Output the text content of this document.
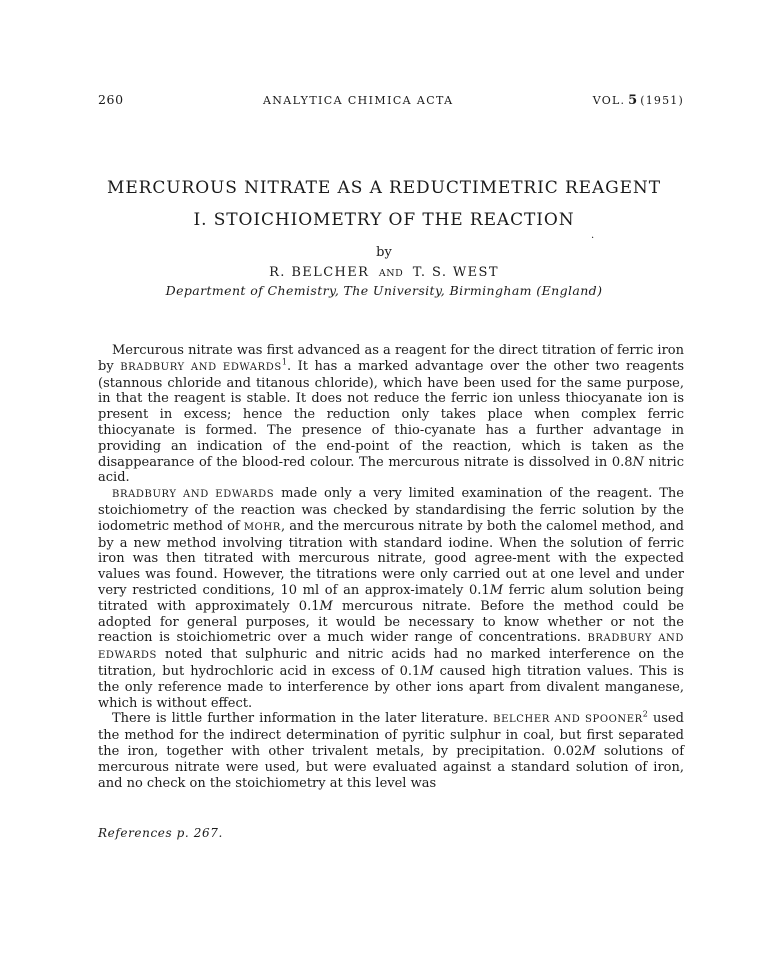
260	ANALYTICA CHIMICA ACTA	VOL. 5 (1951)
MERCUROUS NITRATE AS A REDUCTIMETRIC REAGENT
I. STOICHIOMETRY OF THE REACTION
.
by
R. BELCHER AND T. S. WEST
Department of Chemistry, The University, Birmingham (England)

Mercurous nitrate was first advanced as a reagent for the direct titration of ferric iron by BRADBURY AND EDWARDS$^1$. It has a marked advantage over the other two reagents (stannous chloride and titanous chloride), which have been used for the same purpose, in that the reagent is stable. It does not reduce the ferric ion unless thiocyanate ion is present in excess; hence the reduction only takes place when complex ferric thiocyanate is formed. The presence of thio-cyanate has a further advantage in providing an indication of the end-point of the reaction, which is taken as the disappearance of the blood-red colour. The mercurous nitrate is dissolved in 0.8N nitric acid.

BRADBURY AND EDWARDS made only a very limited examination of the reagent. The stoichiometry of the reaction was checked by standardising the ferric solution by the iodometric method of MOHR, and the mercurous nitrate by both the calomel method, and by a new method involving titration with standard iodine. When the solution of ferric iron was then titrated with mercurous nitrate, good agree-ment with the expected values was found. However, the titrations were only carried out at one level and under very restricted conditions, 10 ml of an approx-imately 0.1M ferric alum solution being titrated with approximately 0.1M mercurous nitrate. Before the method could be adopted for general purposes, it would be necessary to know whether or not the reaction is stoichiometric over a much wider range of concentrations. BRADBURY AND EDWARDS noted that sulphuric and nitric acids had no marked interference on the titration, but hydrochloric acid in excess of 0.1M caused high titration values. This is the only reference made to interference by other ions apart from divalent manganese, which is without effect.

There is little further information in the later literature. BELCHER AND SPOONER$^2$ used the method for the indirect determination of pyritic sulphur in coal, but first separated the iron, together with other trivalent metals, by precipitation. 0.02M solutions of mercurous nitrate were used, but were evaluated against a standard solution of iron, and no check on the stoichiometry at this level was

References p. 267.
